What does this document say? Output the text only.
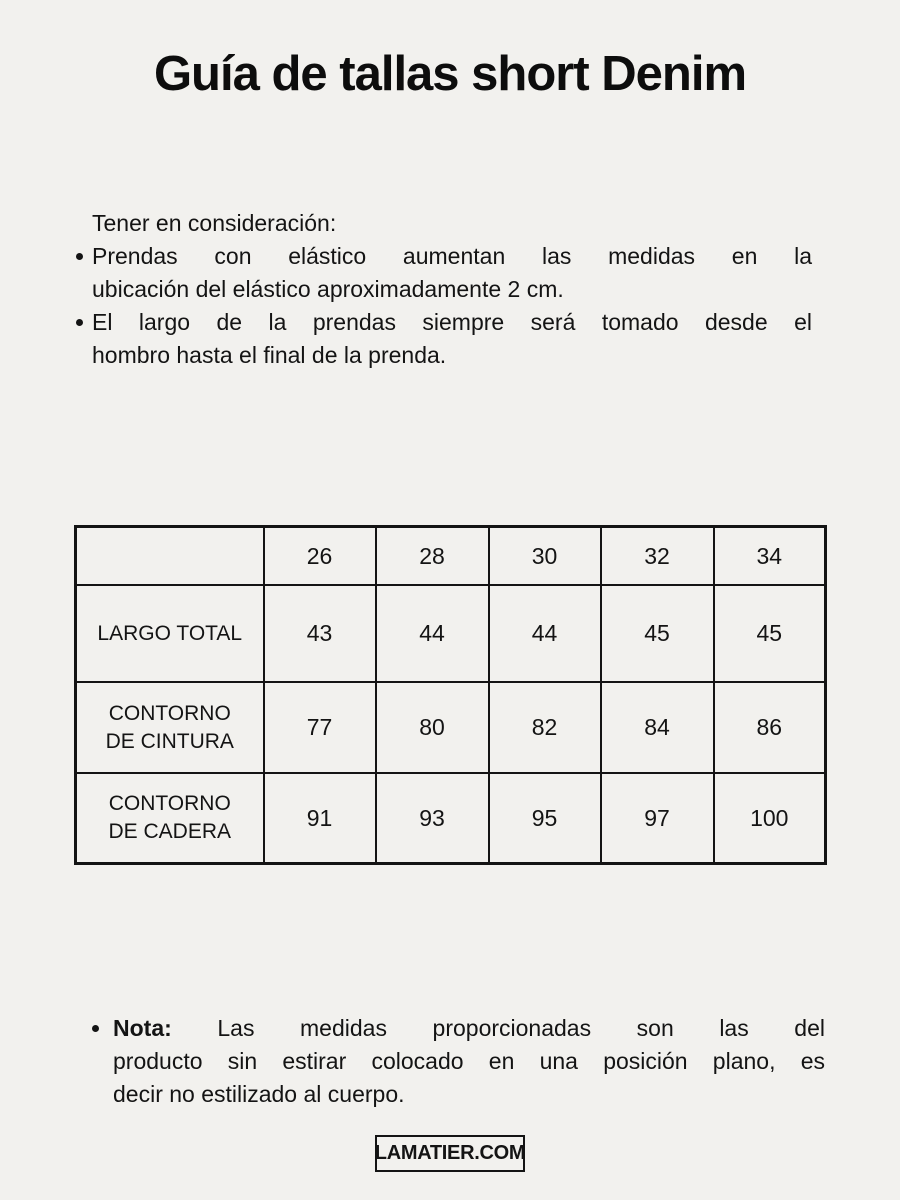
Guía de tallas short Denim
Tener en consideración:
Prendas con elástico aumentan las medidas en la
ubicación del elástico aproximadamente 2 cm.
El largo de la prendas siempre será tomado desde el
hombro hasta el final de la prenda.
	26	28	30	32	34
LARGO TOTAL	43	44	44	45	45
CONTORNO DE CINTURA	77	80	82	84	86
CONTORNO DE CADERA	91	93	95	97	100
Nota: Las medidas proporcionadas son las del
producto sin estirar colocado en una posición plano, es
decir no estilizado al cuerpo.
LAMATIER.COM
